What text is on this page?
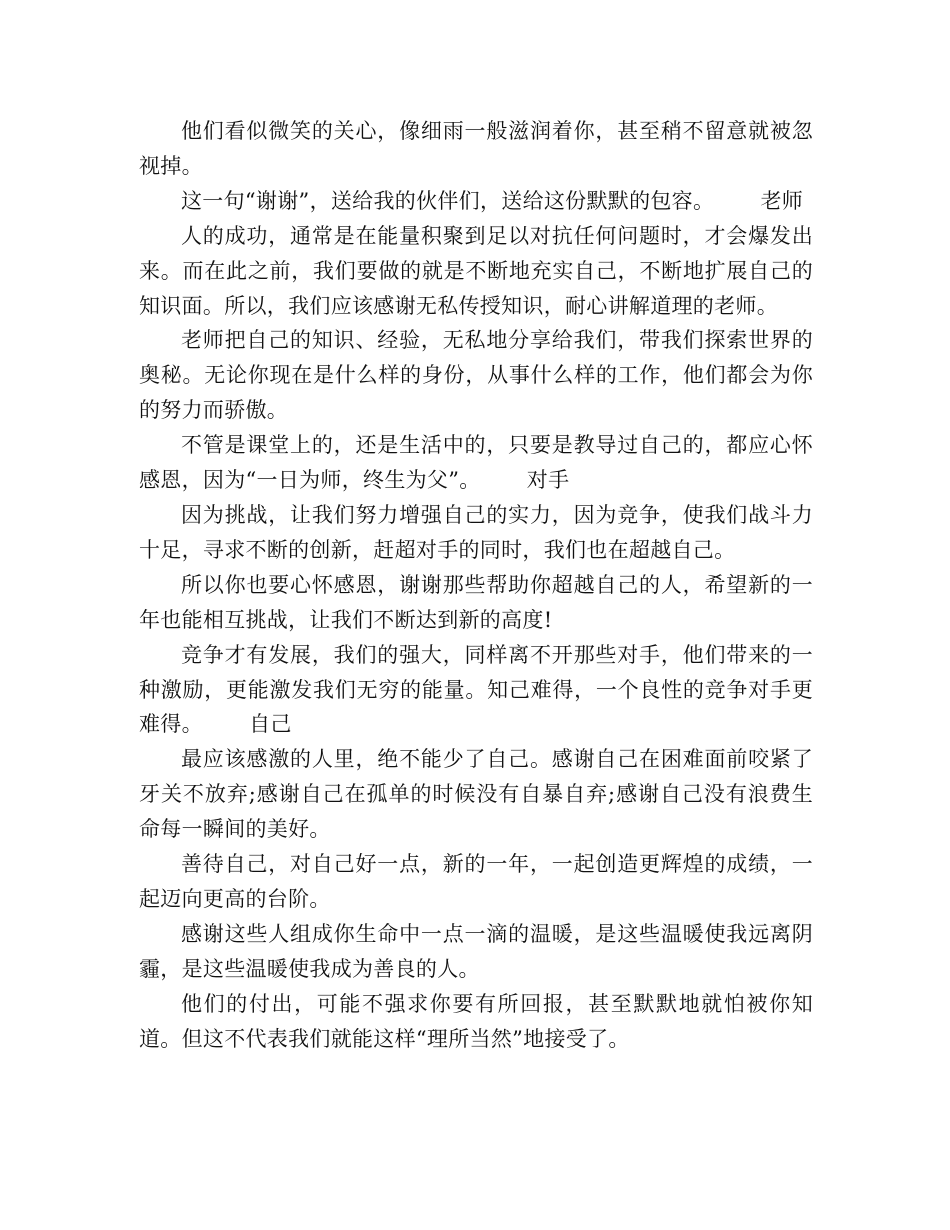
他们看似微笑的关心，像细雨一般滋润着你，甚至稍不留意就被忽视掉。

这一句“谢谢”，送给我的伙伴们，送给这份默默的包容。 老师

人的成功，通常是在能量积聚到足以对抗任何问题时，才会爆发出来。而在此之前，我们要做的就是不断地充实自己，不断地扩展自己的知识面。所以，我们应该感谢无私传授知识，耐心讲解道理的老师。

老师把自己的知识、经验，无私地分享给我们，带我们探索世界的奥秘。无论你现在是什么样的身份，从事什么样的工作，他们都会为你的努力而骄傲。

不管是课堂上的，还是生活中的，只要是教导过自己的，都应心怀感恩，因为“一日为师，终生为父”。 对手

因为挑战，让我们努力增强自己的实力，因为竞争，使我们战斗力十足，寻求不断的创新，赶超对手的同时，我们也在超越自己。

所以你也要心怀感恩，谢谢那些帮助你超越自己的人，希望新的一年也能相互挑战，让我们不断达到新的高度!

竞争才有发展，我们的强大，同样离不开那些对手，他们带来的一种激励，更能激发我们无穷的能量。知己难得，一个良性的竞争对手更难得。 自己

最应该感激的人里，绝不能少了自己。感谢自己在困难面前咬紧了牙关不放弃;感谢自己在孤单的时候没有自暴自弃;感谢自己没有浪费生命每一瞬间的美好。

善待自己，对自己好一点，新的一年，一起创造更辉煌的成绩，一起迈向更高的台阶。

感谢这些人组成你生命中一点一滴的温暖，是这些温暖使我远离阴霾，是这些温暖使我成为善良的人。

他们的付出，可能不强求你要有所回报，甚至默默地就怕被你知道。但这不代表我们就能这样“理所当然”地接受了。
